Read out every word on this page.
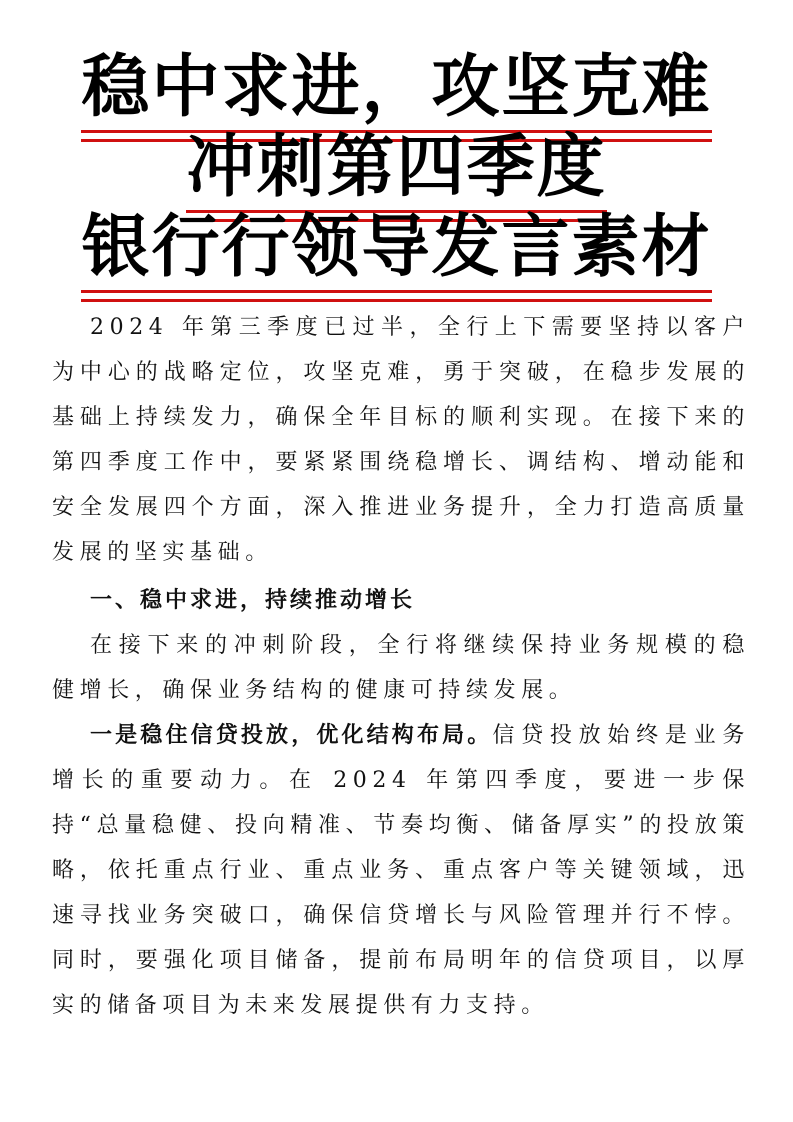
稳中求进，攻坚克难
冲刺第四季度
银行行领导发言素材

2024 年第三季度已过半，全行上下需要坚持以客户为中心的战略定位，攻坚克难，勇于突破，在稳步发展的基础上持续发力，确保全年目标的顺利实现。在接下来的第四季度工作中，要紧紧围绕稳增长、调结构、增动能和安全发展四个方面，深入推进业务提升，全力打造高质量发展的坚实基础。

一、稳中求进，持续推动增长

在接下来的冲刺阶段，全行将继续保持业务规模的稳健增长，确保业务结构的健康可持续发展。

一是稳住信贷投放，优化结构布局。信贷投放始终是业务增长的重要动力。在 2024 年第四季度，要进一步保持“总量稳健、投向精准、节奏均衡、储备厚实”的投放策略，依托重点行业、重点业务、重点客户等关键领域，迅速寻找业务突破口，确保信贷增长与风险管理并行不悖。同时，要强化项目储备，提前布局明年的信贷项目，以厚实的储备项目为未来发展提供有力支持。
